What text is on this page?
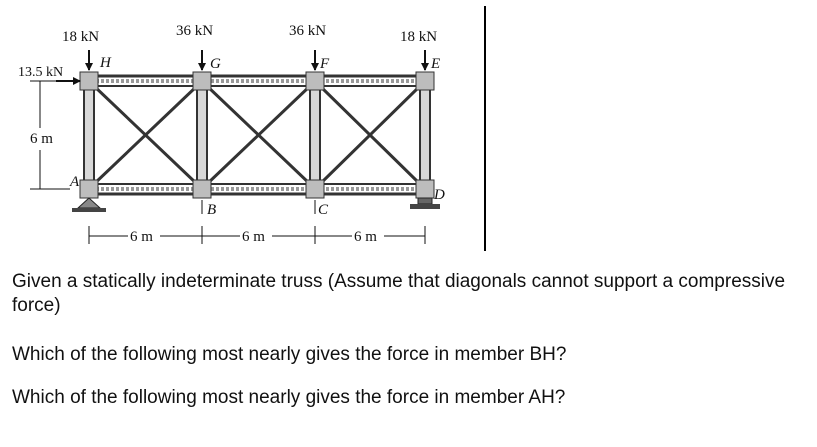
18 kN	36 kN	36 kN	18 kN
13.5 kN
H	G	F	E
A
B	C
D
6 m
6 m	6 m	6 m

Given a statically indeterminate truss (Assume that diagonals cannot support a compressive force)

Which of the following most nearly gives the force in member BH?

Which of the following most nearly gives the force in member AH?
